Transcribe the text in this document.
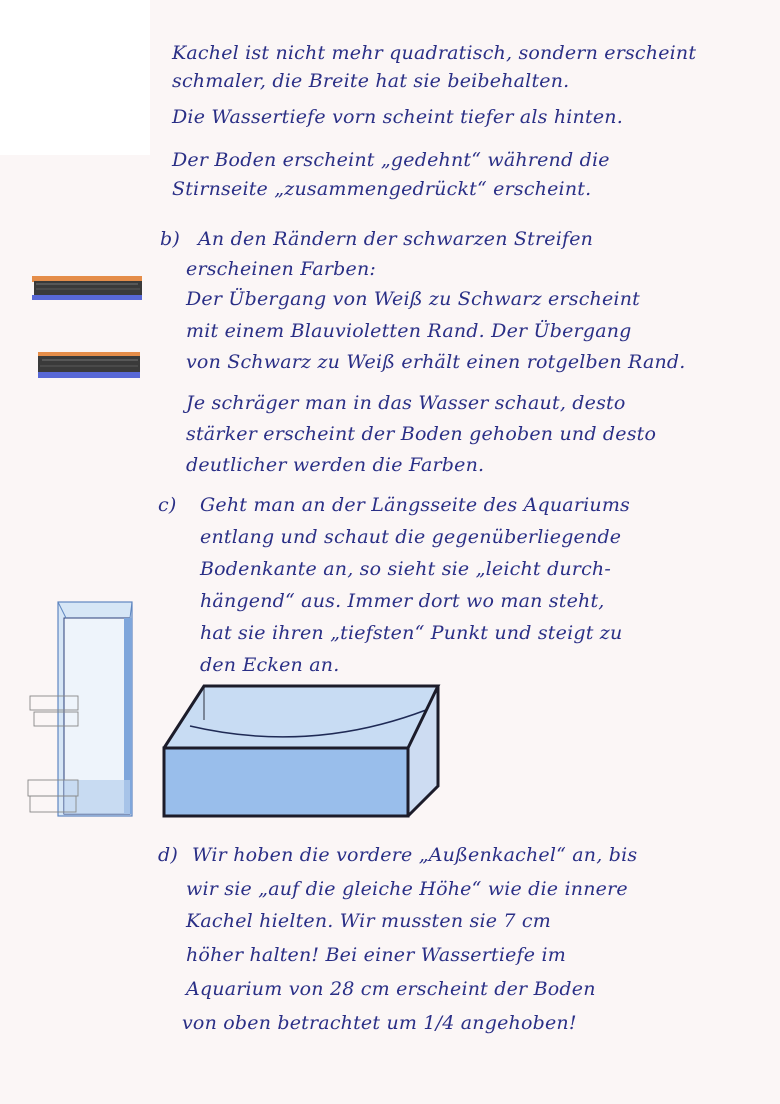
Kachel ist nicht mehr quadratisch, sondern erscheint
schmaler, die Breite hat sie beibehalten.
Die Wassertiefe vorn scheint tiefer als hinten.
Der Boden erscheint „gedehnt“ während die
Stirnseite „zusammengedrückt“ erscheint.
b) An den Rändern der schwarzen Streifen
erscheinen Farben:
Der Übergang von Weiß zu Schwarz erscheint
mit einem Blauvioletten Rand. Der Übergang
von Schwarz zu Weiß erhält einen rotgelben Rand.
Je schräger man in das Wasser schaut, desto
stärker erscheint der Boden gehoben und desto
deutlicher werden die Farben.
c) Geht man an der Längsseite des Aquariums
entlang und schaut die gegenüberliegende
Bodenkante an, so sieht sie „leicht durch-
hängend“ aus. Immer dort wo man steht,
hat sie ihren „tiefsten“ Punkt und steigt zu
den Ecken an.
d) Wir hoben die vordere „Außenkachel“ an, bis
wir sie „auf die gleiche Höhe“ wie die innere
Kachel hielten. Wir mussten sie 7 cm
höher halten! Bei einer Wassertiefe im
Aquarium von 28 cm erscheint der Boden
von oben betrachtet um 1/4 angehoben!
